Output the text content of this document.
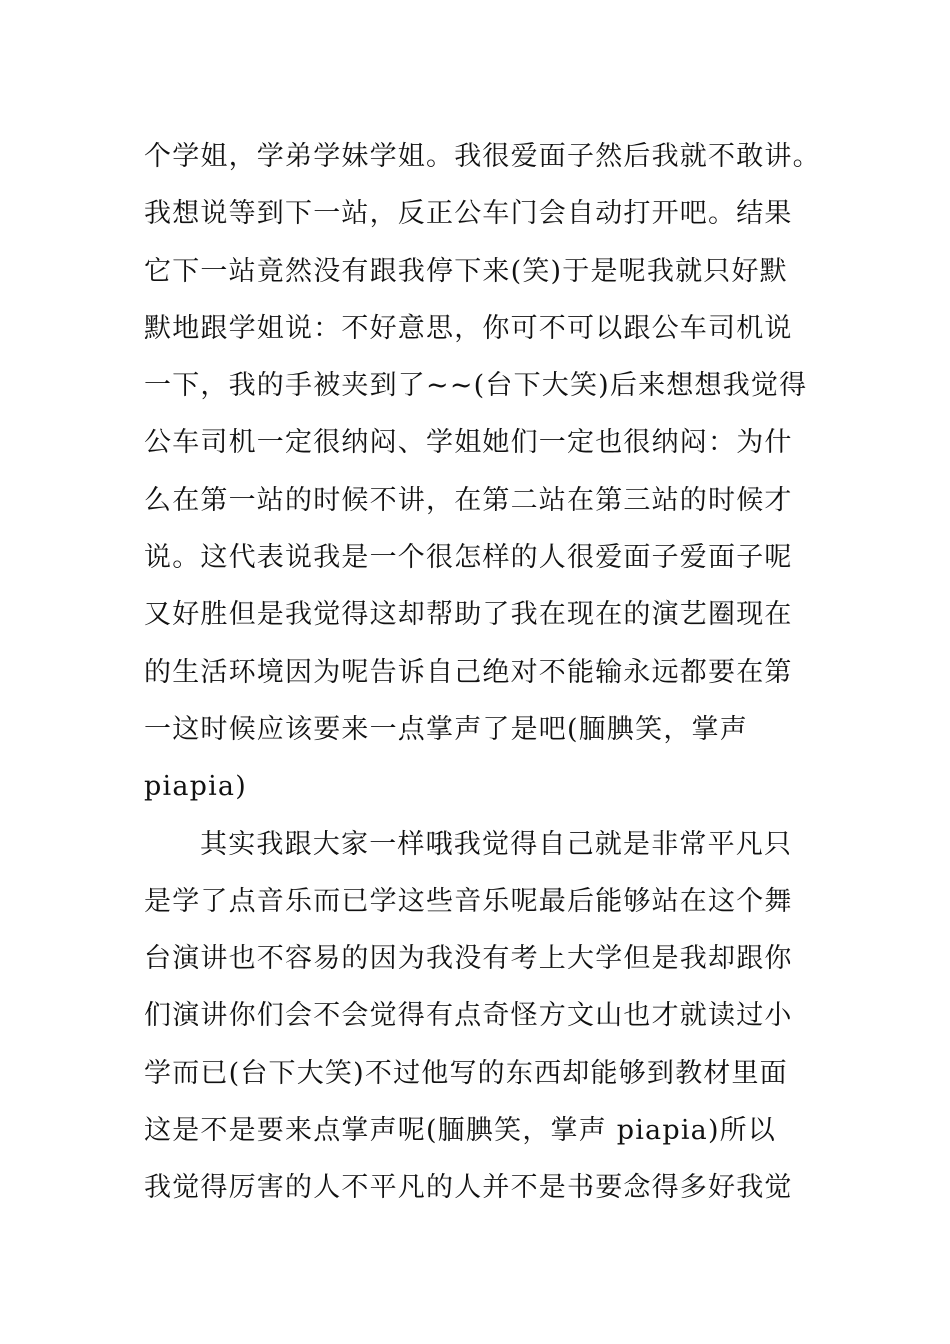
个学姐，学弟学妹学姐。我很爱面子然后我就不敢讲。
我想说等到下一站，反正公车门会自动打开吧。结果
它下一站竟然没有跟我停下来(笑)于是呢我就只好默
默地跟学姐说：不好意思，你可不可以跟公车司机说
一下，我的手被夹到了~~(台下大笑)后来想想我觉得
公车司机一定很纳闷、学姐她们一定也很纳闷：为什
么在第一站的时候不讲，在第二站在第三站的时候才
说。这代表说我是一个很怎样的人很爱面子爱面子呢
又好胜但是我觉得这却帮助了我在现在的演艺圈现在
的生活环境因为呢告诉自己绝对不能输永远都要在第
一这时候应该要来一点掌声了是吧(腼腆笑，掌声
piapia)
其实我跟大家一样哦我觉得自己就是非常平凡只
是学了点音乐而已学这些音乐呢最后能够站在这个舞
台演讲也不容易的因为我没有考上大学但是我却跟你
们演讲你们会不会觉得有点奇怪方文山也才就读过小
学而已(台下大笑)不过他写的东西却能够到教材里面
这是不是要来点掌声呢(腼腆笑，掌声 piapia)所以
我觉得厉害的人不平凡的人并不是书要念得多好我觉
